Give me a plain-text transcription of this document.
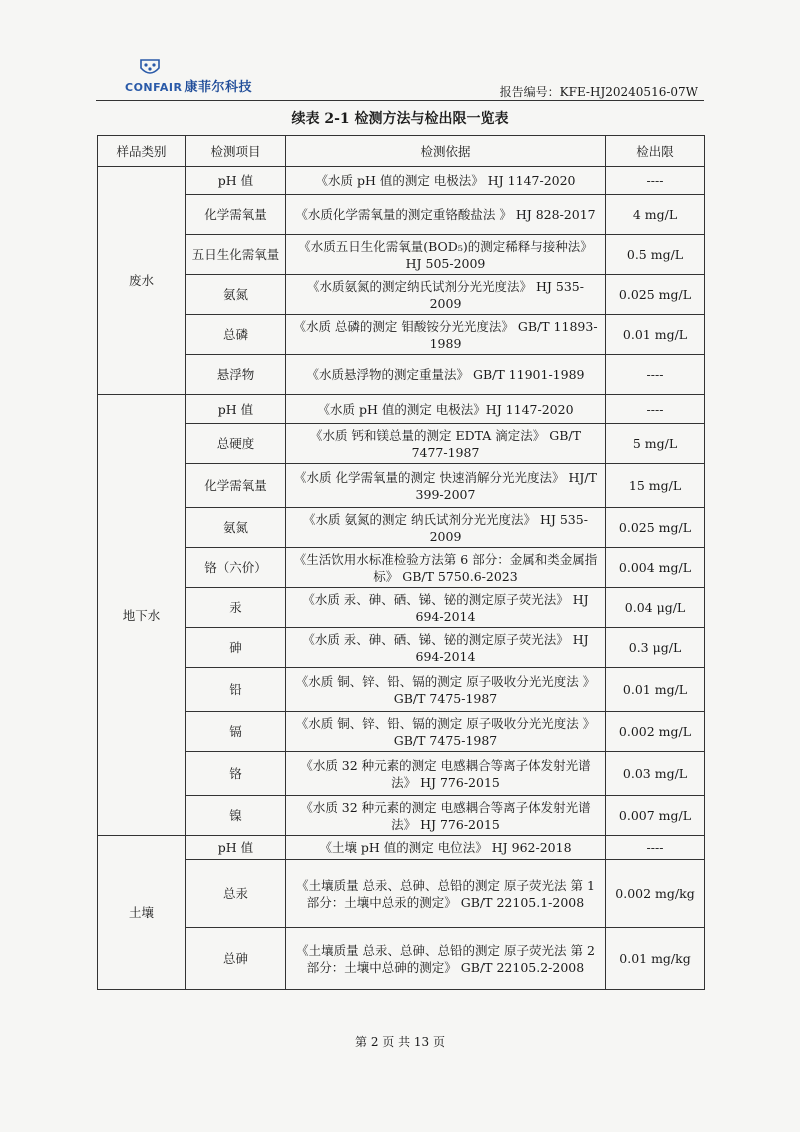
CONFAIR 康菲尔科技	报告编号：KFE-HJ20240516-07W
续表 2-1 检测方法与检出限一览表
样品类别	检测项目	检测依据	检出限
废水	pH 值	《水质 pH 值的测定 电极法》 HJ 1147-2020	----
	化学需氧量	《水质化学需氧量的测定重铬酸盐法 》 HJ 828-2017	4 mg/L
	五日生化需氧量	《水质五日生化需氧量(BOD₅)的测定稀释与接种法》 HJ 505-2009	0.5 mg/L
	氨氮	《水质氨氮的测定纳氏试剂分光光度法》 HJ 535-2009	0.025 mg/L
	总磷	《水质 总磷的测定 钼酸铵分光光度法》 GB/T 11893-1989	0.01 mg/L
	悬浮物	《水质悬浮物的测定重量法》 GB/T 11901-1989	----
地下水	pH 值	《水质 pH 值的测定 电极法》HJ 1147-2020	----
	总硬度	《水质 钙和镁总量的测定 EDTA 滴定法》 GB/T 7477-1987	5 mg/L
	化学需氧量	《水质 化学需氧量的测定 快速消解分光光度法》 HJ/T 399-2007	15 mg/L
	氨氮	《水质 氨氮的测定 纳氏试剂分光光度法》 HJ 535-2009	0.025 mg/L
	铬（六价）	《生活饮用水标准检验方法第 6 部分：金属和类金属指标》 GB/T 5750.6-2023	0.004 mg/L
	汞	《水质 汞、砷、硒、锑、铋的测定原子荧光法》 HJ 694-2014	0.04 μg/L
	砷	《水质 汞、砷、硒、锑、铋的测定原子荧光法》 HJ 694-2014	0.3 μg/L
	铅	《水质 铜、锌、铅、镉的测定 原子吸收分光光度法 》 GB/T 7475-1987	0.01 mg/L
	镉	《水质 铜、锌、铅、镉的测定 原子吸收分光光度法 》 GB/T 7475-1987	0.002 mg/L
	铬	《水质 32 种元素的测定 电感耦合等离子体发射光谱法》 HJ 776-2015	0.03 mg/L
	镍	《水质 32 种元素的测定 电感耦合等离子体发射光谱法》 HJ 776-2015	0.007 mg/L
土壤	pH 值	《土壤 pH 值的测定 电位法》 HJ 962-2018	----
	总汞	《土壤质量 总汞、总砷、总铅的测定 原子荧光法 第 1 部分：土壤中总汞的测定》 GB/T 22105.1-2008	0.002 mg/kg
	总砷	《土壤质量 总汞、总砷、总铅的测定 原子荧光法 第 2 部分：土壤中总砷的测定》 GB/T 22105.2-2008	0.01 mg/kg
第 2 页 共 13 页
